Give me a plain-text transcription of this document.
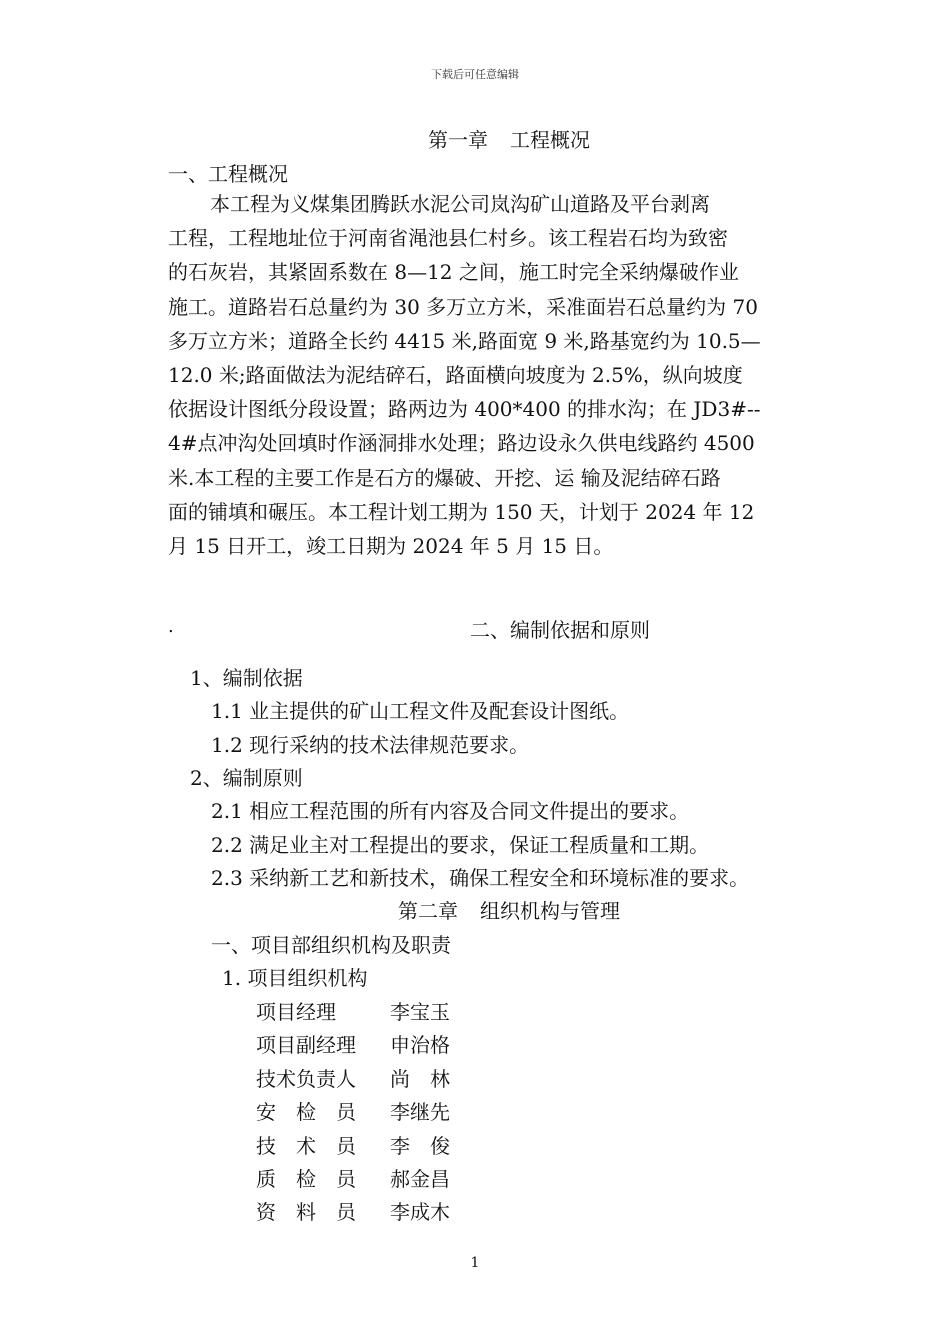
下载后可任意编辑
第一章 工程概况
一、工程概况

本工程为义煤集团腾跃水泥公司岚沟矿山道路及平台剥离
工程，工程地址位于河南省渑池县仁村乡。该工程岩石均为致密
的石灰岩，其紧固系数在 8—12 之间，施工时完全采纳爆破作业
施工。道路岩石总量约为 30 多万立方米，采准面岩石总量约为 70
多万立方米；道路全长约 4415 米,路面宽 9 米,路基宽约为 10.5—
12.0 米;路面做法为泥结碎石，路面横向坡度为 2.5%，纵向坡度
依据设计图纸分段设置；路两边为 400*400 的排水沟；在 JD3#--
4#点冲沟处回填时作涵洞排水处理；路边设永久供电线路约 4500
米.本工程的主要工作是石方的爆破、开挖、运 输及泥结碎石路
面的铺填和碾压。本工程计划工期为 150 天，计划于 2024 年 12
月 15 日开工，竣工日期为 2024 年 5 月 15 日。

.	二、编制依据和原则
1、编制依据
1.1 业主提供的矿山工程文件及配套设计图纸。
1.2 现行采纳的技术法律规范要求。
2、编制原则
2.1 相应工程范围的所有内容及合同文件提出的要求。
2.2 满足业主对工程提出的要求，保证工程质量和工期。
2.3 采纳新工艺和新技术，确保工程安全和环境标准的要求。
第二章 组织机构与管理
一、项目部组织机构及职责
1. 项目组织机构
项目经理	李宝玉
项目副经理 申治格
技术负责人 尚　林
安　检　员 李继先
技　术　员 李　俊
质　检　员 郝金昌
资　料　员 李成木
1
